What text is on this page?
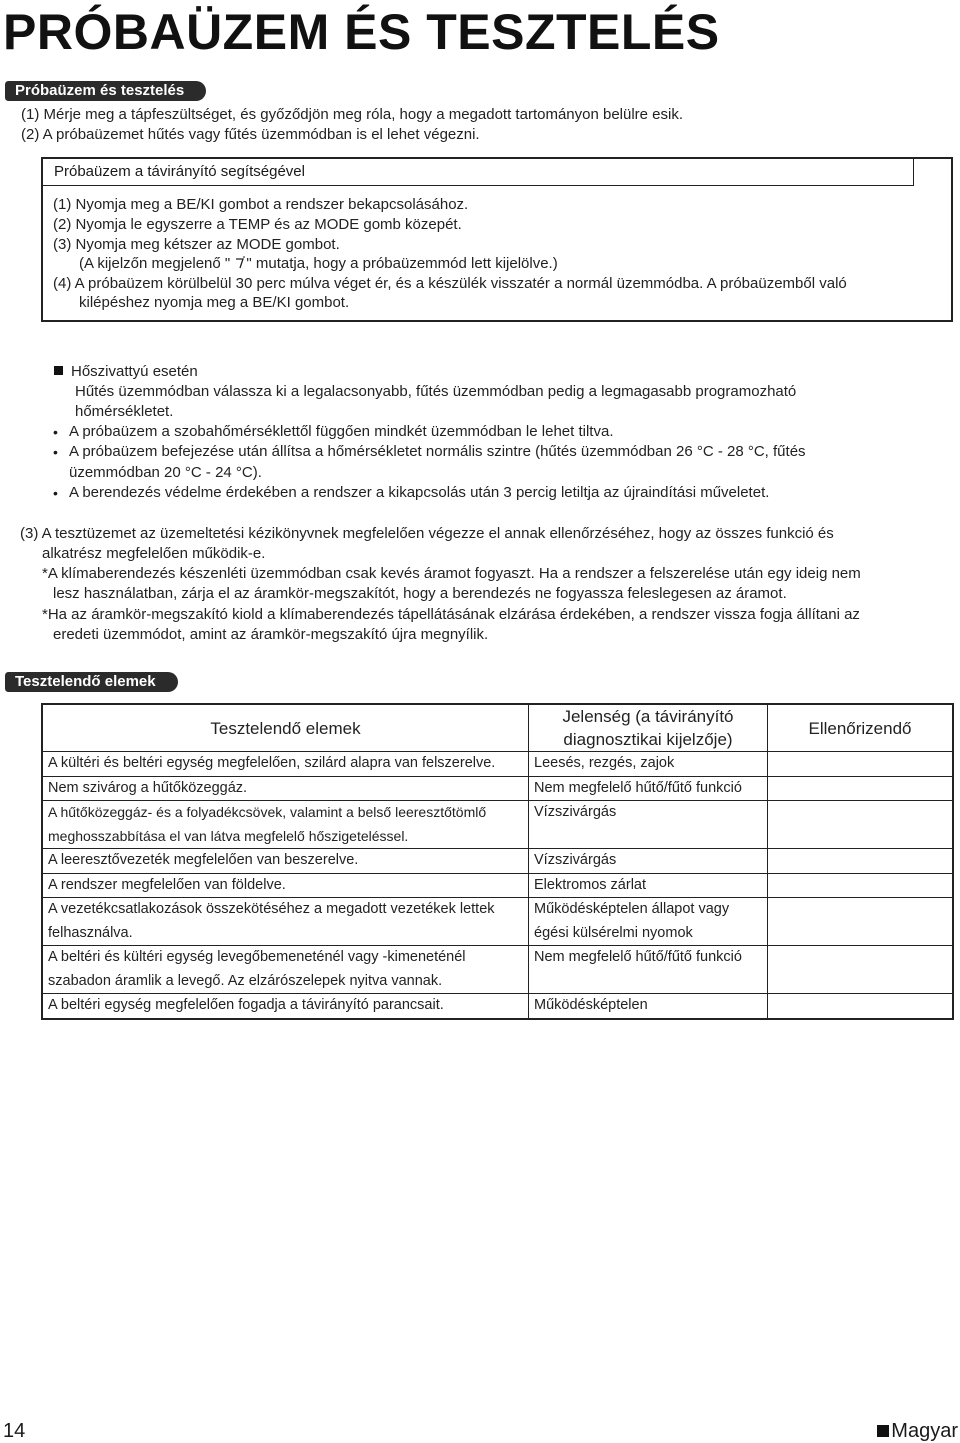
PRÓBAÜZEM ÉS TESZTELÉS
Próbaüzem és tesztelés
(1) Mérje meg a tápfeszültséget, és győződjön meg róla, hogy a megadott tartományon belülre esik.
(2) A próbaüzemet hűtés vagy fűtés üzemmódban is el lehet végezni.
Próbaüzem a távirányító segítségével
(1) Nyomja meg a BE/KI gombot a rendszer bekapcsolásához.
(2) Nyomja le egyszerre a TEMP és az MODE gomb közepét.
(3) Nyomja meg kétszer az MODE gombot.
(A kijelzőn megjelenő " " mutatja, hogy a próbaüzemmód lett kijelölve.)
(4) A próbaüzem körülbelül 30 perc múlva véget ér, és a készülék visszatér a normál üzemmódba. A próbaüzemből való
kilépéshez nyomja meg a BE/KI gombot.
Hőszivattyú esetén
Hűtés üzemmódban válassza ki a legalacsonyabb, fűtés üzemmódban pedig a legmagasabb programozható
hőmérsékletet.
• A próbaüzem a szobahőmérséklettől függően mindkét üzemmódban le lehet tiltva.
• A próbaüzem befejezése után állítsa a hőmérsékletet normális szintre (hűtés üzemmódban 26 °C - 28 °C, fűtés
üzemmódban 20 °C - 24 °C).
• A berendezés védelme érdekében a rendszer a kikapcsolás után 3 percig letiltja az újraindítási műveletet.
(3) A tesztüzemet az üzemeltetési kézikönyvnek megfelelően végezze el annak ellenőrzéséhez, hogy az összes funkció és
alkatrész megfelelően működik-e.
*A klímaberendezés készenléti üzemmódban csak kevés áramot fogyaszt. Ha a rendszer a felszerelése után egy ideig nem
lesz használatban, zárja el az áramkör-megszakítót, hogy a berendezés ne fogyassza feleslegesen az áramot.
*Ha az áramkör-megszakító kiold a klímaberendezés tápellátásának elzárása érdekében, a rendszer vissza fogja állítani az
eredeti üzemmódot, amint az áramkör-megszakító újra megnyílik.
Tesztelendő elemek
Tesztelendő elemek	Jelenség (a távirányító diagnosztikai kijelzője)	Ellenőrizendő
A kültéri és beltéri egység megfelelően, szilárd alapra van felszerelve.	Leesés, rezgés, zajok	
Nem szivárog a hűtőközeggáz.	Nem megfelelő hűtő/fűtő funkció	
A hűtőközeggáz- és a folyadékcsövek, valamint a belső leeresztőtömlő meghosszabbítása el van látva megfelelő hőszigeteléssel.	Vízszivárgás	
A leeresztővezeték megfelelően van beszerelve.	Vízszivárgás	
A rendszer megfelelően van földelve.	Elektromos zárlat	
A vezetékcsatlakozások összekötéséhez a megadott vezetékek lettek felhasználva.	Működésképtelen állapot vagy égési külsérelmi nyomok	
A beltéri és kültéri egység levegőbemeneténél vagy -kimeneténél szabadon áramlik a levegő. Az elzárószelepek nyitva vannak.	Nem megfelelő hűtő/fűtő funkció	
A beltéri egység megfelelően fogadja a távirányító parancsait.	Működésképtelen	
14	Magyar
